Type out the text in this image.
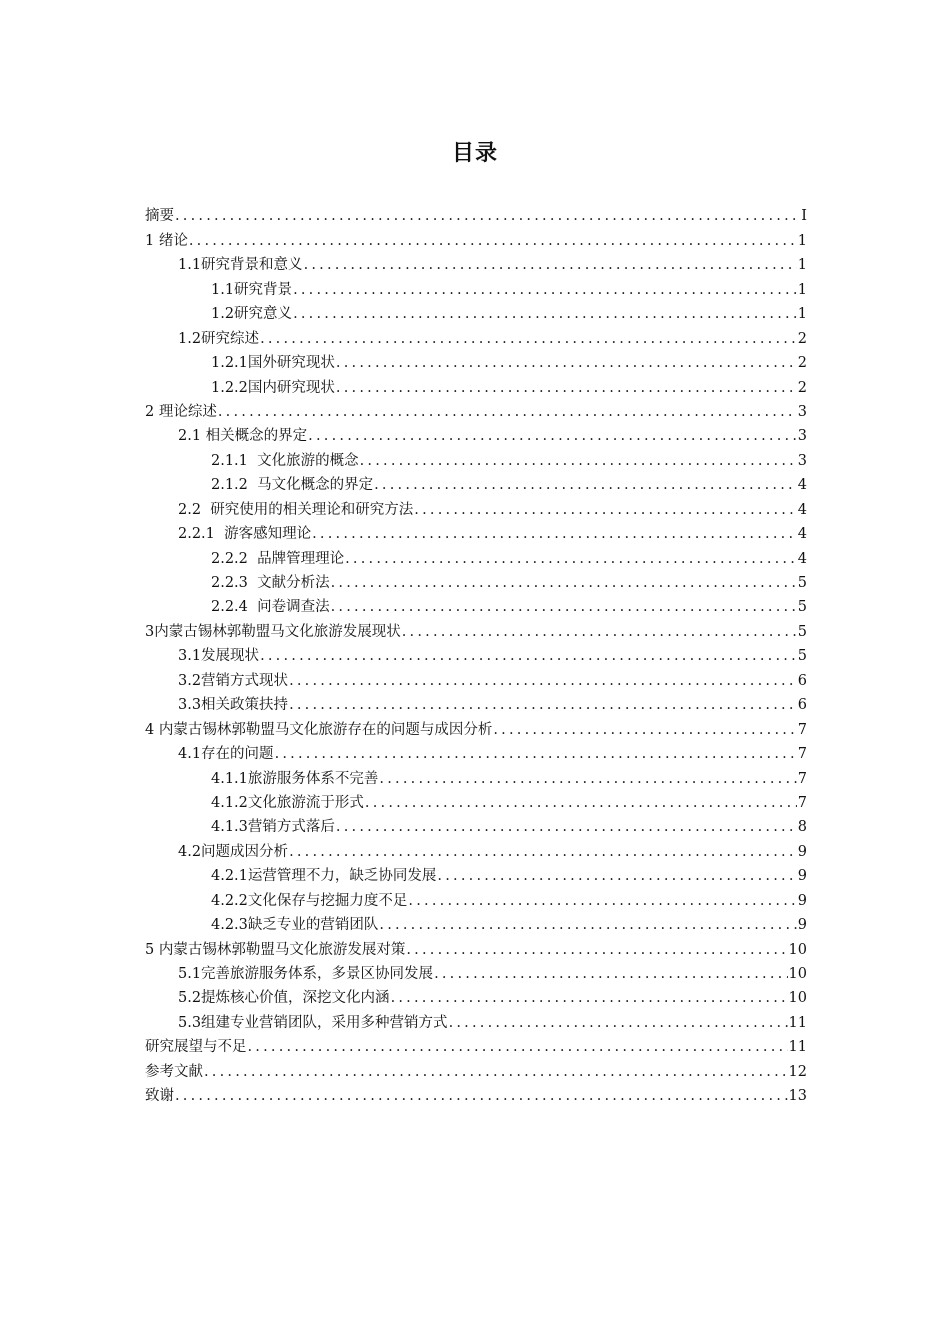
目录
摘要 .....	I
1 绪论 .....	1
1.1研究背景和意义 .....	1
1.1研究背景 .....	1
1.2研究意义 .....	1
1.2研究综述 .....	2
1.2.1国外研究现状 .....	2
1.2.2国内研究现状 .....	2
2 理论综述 .....	3
2.1 相关概念的界定 .....	3
2.1.1  文化旅游的概念 .....	3
2.1.2  马文化概念的界定 .....	4
2.2  研究使用的相关理论和研究方法 .....	4
2.2.1  游客感知理论 .....	4
2.2.2  品牌管理理论 .....	4
2.2.3  文献分析法 .....	5
2.2.4  问卷调查法 .....	5
3内蒙古锡林郭勒盟马文化旅游发展现状 .....	5
3.1发展现状 .....	5
3.2营销方式现状 .....	6
3.3相关政策扶持 .....	6
4 内蒙古锡林郭勒盟马文化旅游存在的问题与成因分析 .....	7
4.1存在的问题 .....	7
4.1.1旅游服务体系不完善 .....	7
4.1.2文化旅游流于形式 .....	7
4.1.3营销方式落后 .....	8
4.2问题成因分析 .....	9
4.2.1运营管理不力，缺乏协同发展 .....	9
4.2.2文化保存与挖掘力度不足 .....	9
4.2.3缺乏专业的营销团队 .....	9
5 内蒙古锡林郭勒盟马文化旅游发展对策 .....	10
5.1完善旅游服务体系，多景区协同发展 .....	10
5.2提炼核心价值，深挖文化内涵 .....	10
5.3组建专业营销团队，采用多种营销方式 .....	11
研究展望与不足 .....	11
参考文献 .....	12
致谢 .....	13
